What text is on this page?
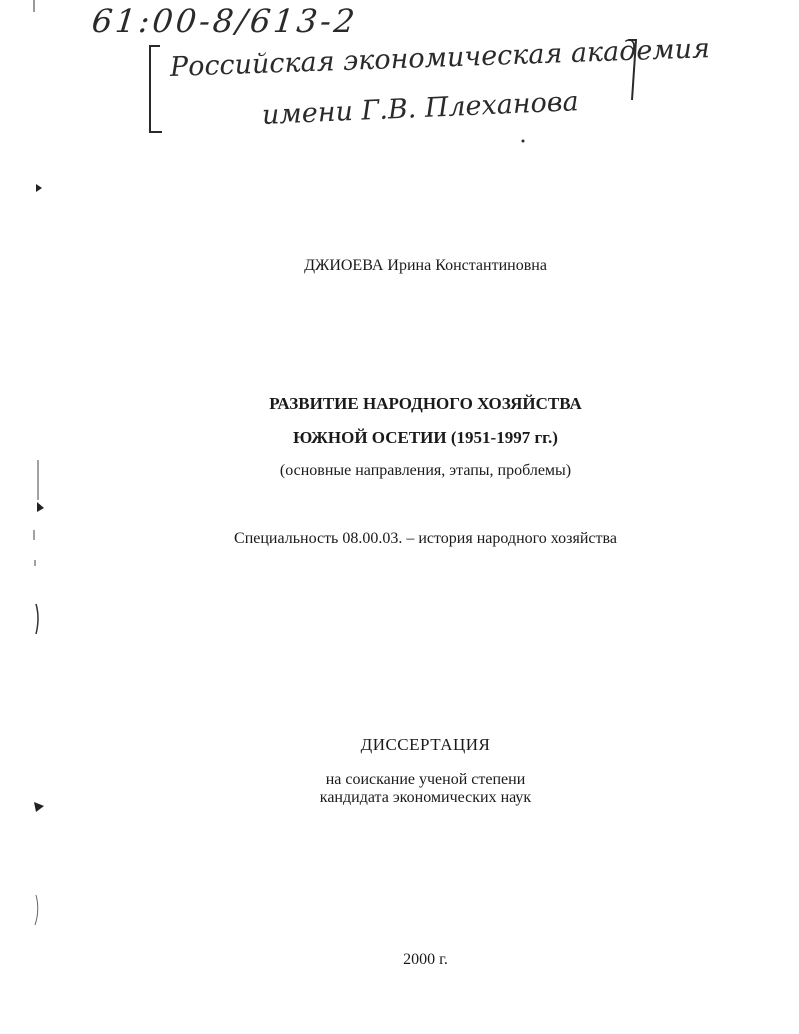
61:00-8/613-2
Российская экономическая академия
имени Г.В. Плеханова
ДЖИОЕВА Ирина Константиновна
РАЗВИТИЕ НАРОДНОГО ХОЗЯЙСТВА
ЮЖНОЙ ОСЕТИИ (1951-1997 гг.)
(основные направления, этапы, проблемы)
Специальность 08.00.03. – история народного хозяйства
ДИССЕРТАЦИЯ
на соискание ученой степени
кандидата экономических наук
2000 г.
